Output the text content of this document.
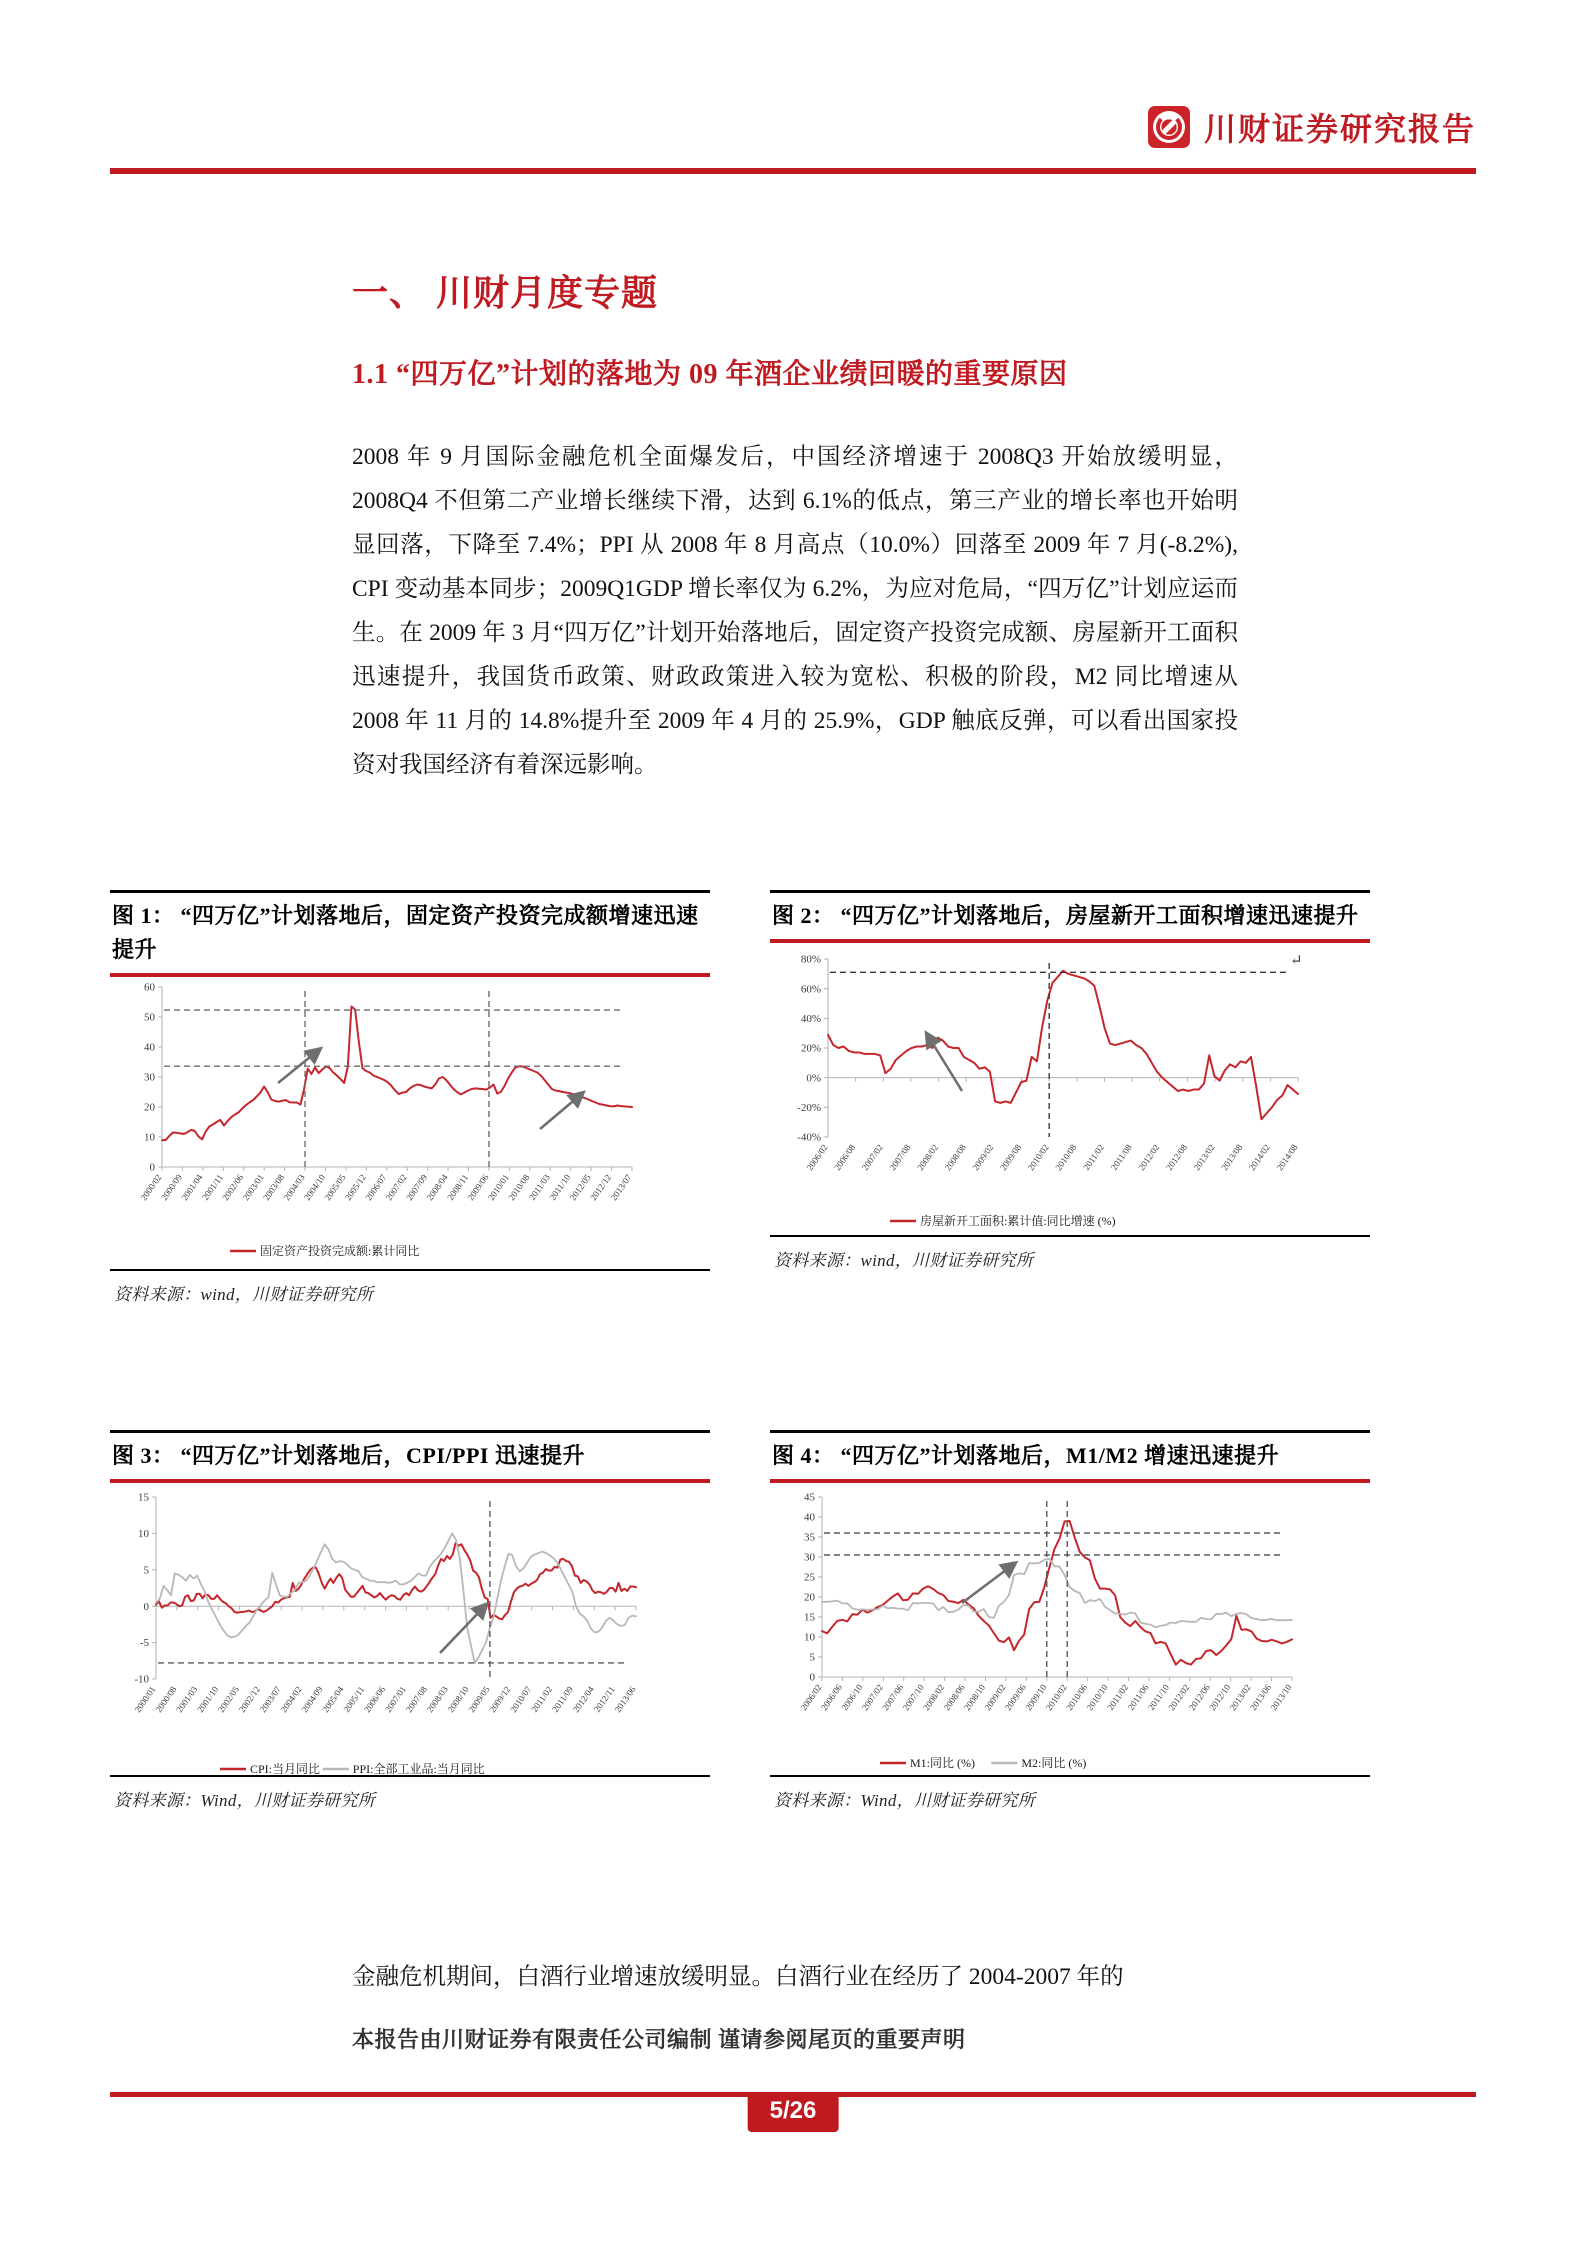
川财证券研究报告
一、 川财月度专题
1.1 “四万亿”计划的落地为 09 年酒企业绩回暖的重要原因
2008 年 9 月国际金融危机全面爆发后，中国经济增速于 2008Q3 开始放缓明显，2008Q4 不但第二产业增长继续下滑，达到 6.1%的低点，第三产业的增长率也开始明显回落，下降至 7.4%；PPI 从 2008 年 8 月高点（10.0%）回落至 2009 年 7 月(-8.2%), CPI 变动基本同步；2009Q1GDP 增长率仅为 6.2%，为应对危局，“四万亿”计划应运而生。在 2009 年 3 月“四万亿”计划开始落地后，固定资产投资完成额、房屋新开工面积迅速提升，我国货币政策、财政政策进入较为宽松、积极的阶段，M2 同比增速从 2008 年 11 月的 14.8%提升至 2009 年 4 月的 25.9%，GDP 触底反弹，可以看出国家投资对我国经济有着深远影响。
图 1： “四万亿”计划落地后，固定资产投资完成额增速迅速提升
0
10
20
30
40
50
60
2000/02
2000/09
2001/04
2001/11
2002/06
2003/01
2003/08
2004/03
2004/10
2005/05
2005/12
2006/07
2007/02
2007/09
2008/04
2008/11
2009/06
2010/01
2010/08
2011/03
2011/10
2012/05
2012/12
2013/07
固定资产投资完成额:累计同比
资料来源：wind，川财证券研究所
图 2： “四万亿”计划落地后，房屋新开工面积增速迅速提升
-40%
-20%
0%
20%
40%
60%
80%
2006/02 2006/08 2007/02 2007/08 2008/02 2008/08 2009/02 2009/08 2010/02 2010/08 2011/02 2011/08 2012/02 2012/08 2013/02 2013/08 2014/02 2014/08
房屋新开工面积:累计值:同比增速 (%)
↵
资料来源：wind，川财证券研究所
图 3： “四万亿”计划落地后，CPI/PPI 迅速提升
-10
-5
0
5
10
15
2000/01
2000/08
2001/03
2001/10
2002/05
2002/12
2003/07
2004/02
2004/09
2005/04
2005/11
2006/06
2007/01
2007/08
2008/03
2008/10
2009/05
2009/12
2010/07
2011/02
2011/09
2012/04
2012/11
2013/06
CPI:当月同比	PPI:全部工业品:当月同比
资料来源：Wind，川财证券研究所
图 4： “四万亿”计划落地后，M1/M2 增速迅速提升
0
5
10
15
20
25
30
35
40
45
2006/02
2006/06
2006/10
2007/02
2007/06
2007/10
2008/02
2008/06
2008/10
2009/02
2009/06
2009/10
2010/02
2010/06
2010/10
2011/02
2011/06
2011/10
2012/02
2012/06
2012/10
2013/02
2013/06
2013/10
M1:同比 (%)	M2:同比 (%)
资料来源：Wind，川财证券研究所
金融危机期间，白酒行业增速放缓明显。白酒行业在经历了 2004-2007 年的
本报告由川财证券有限责任公司编制 谨请参阅尾页的重要声明
5/26
